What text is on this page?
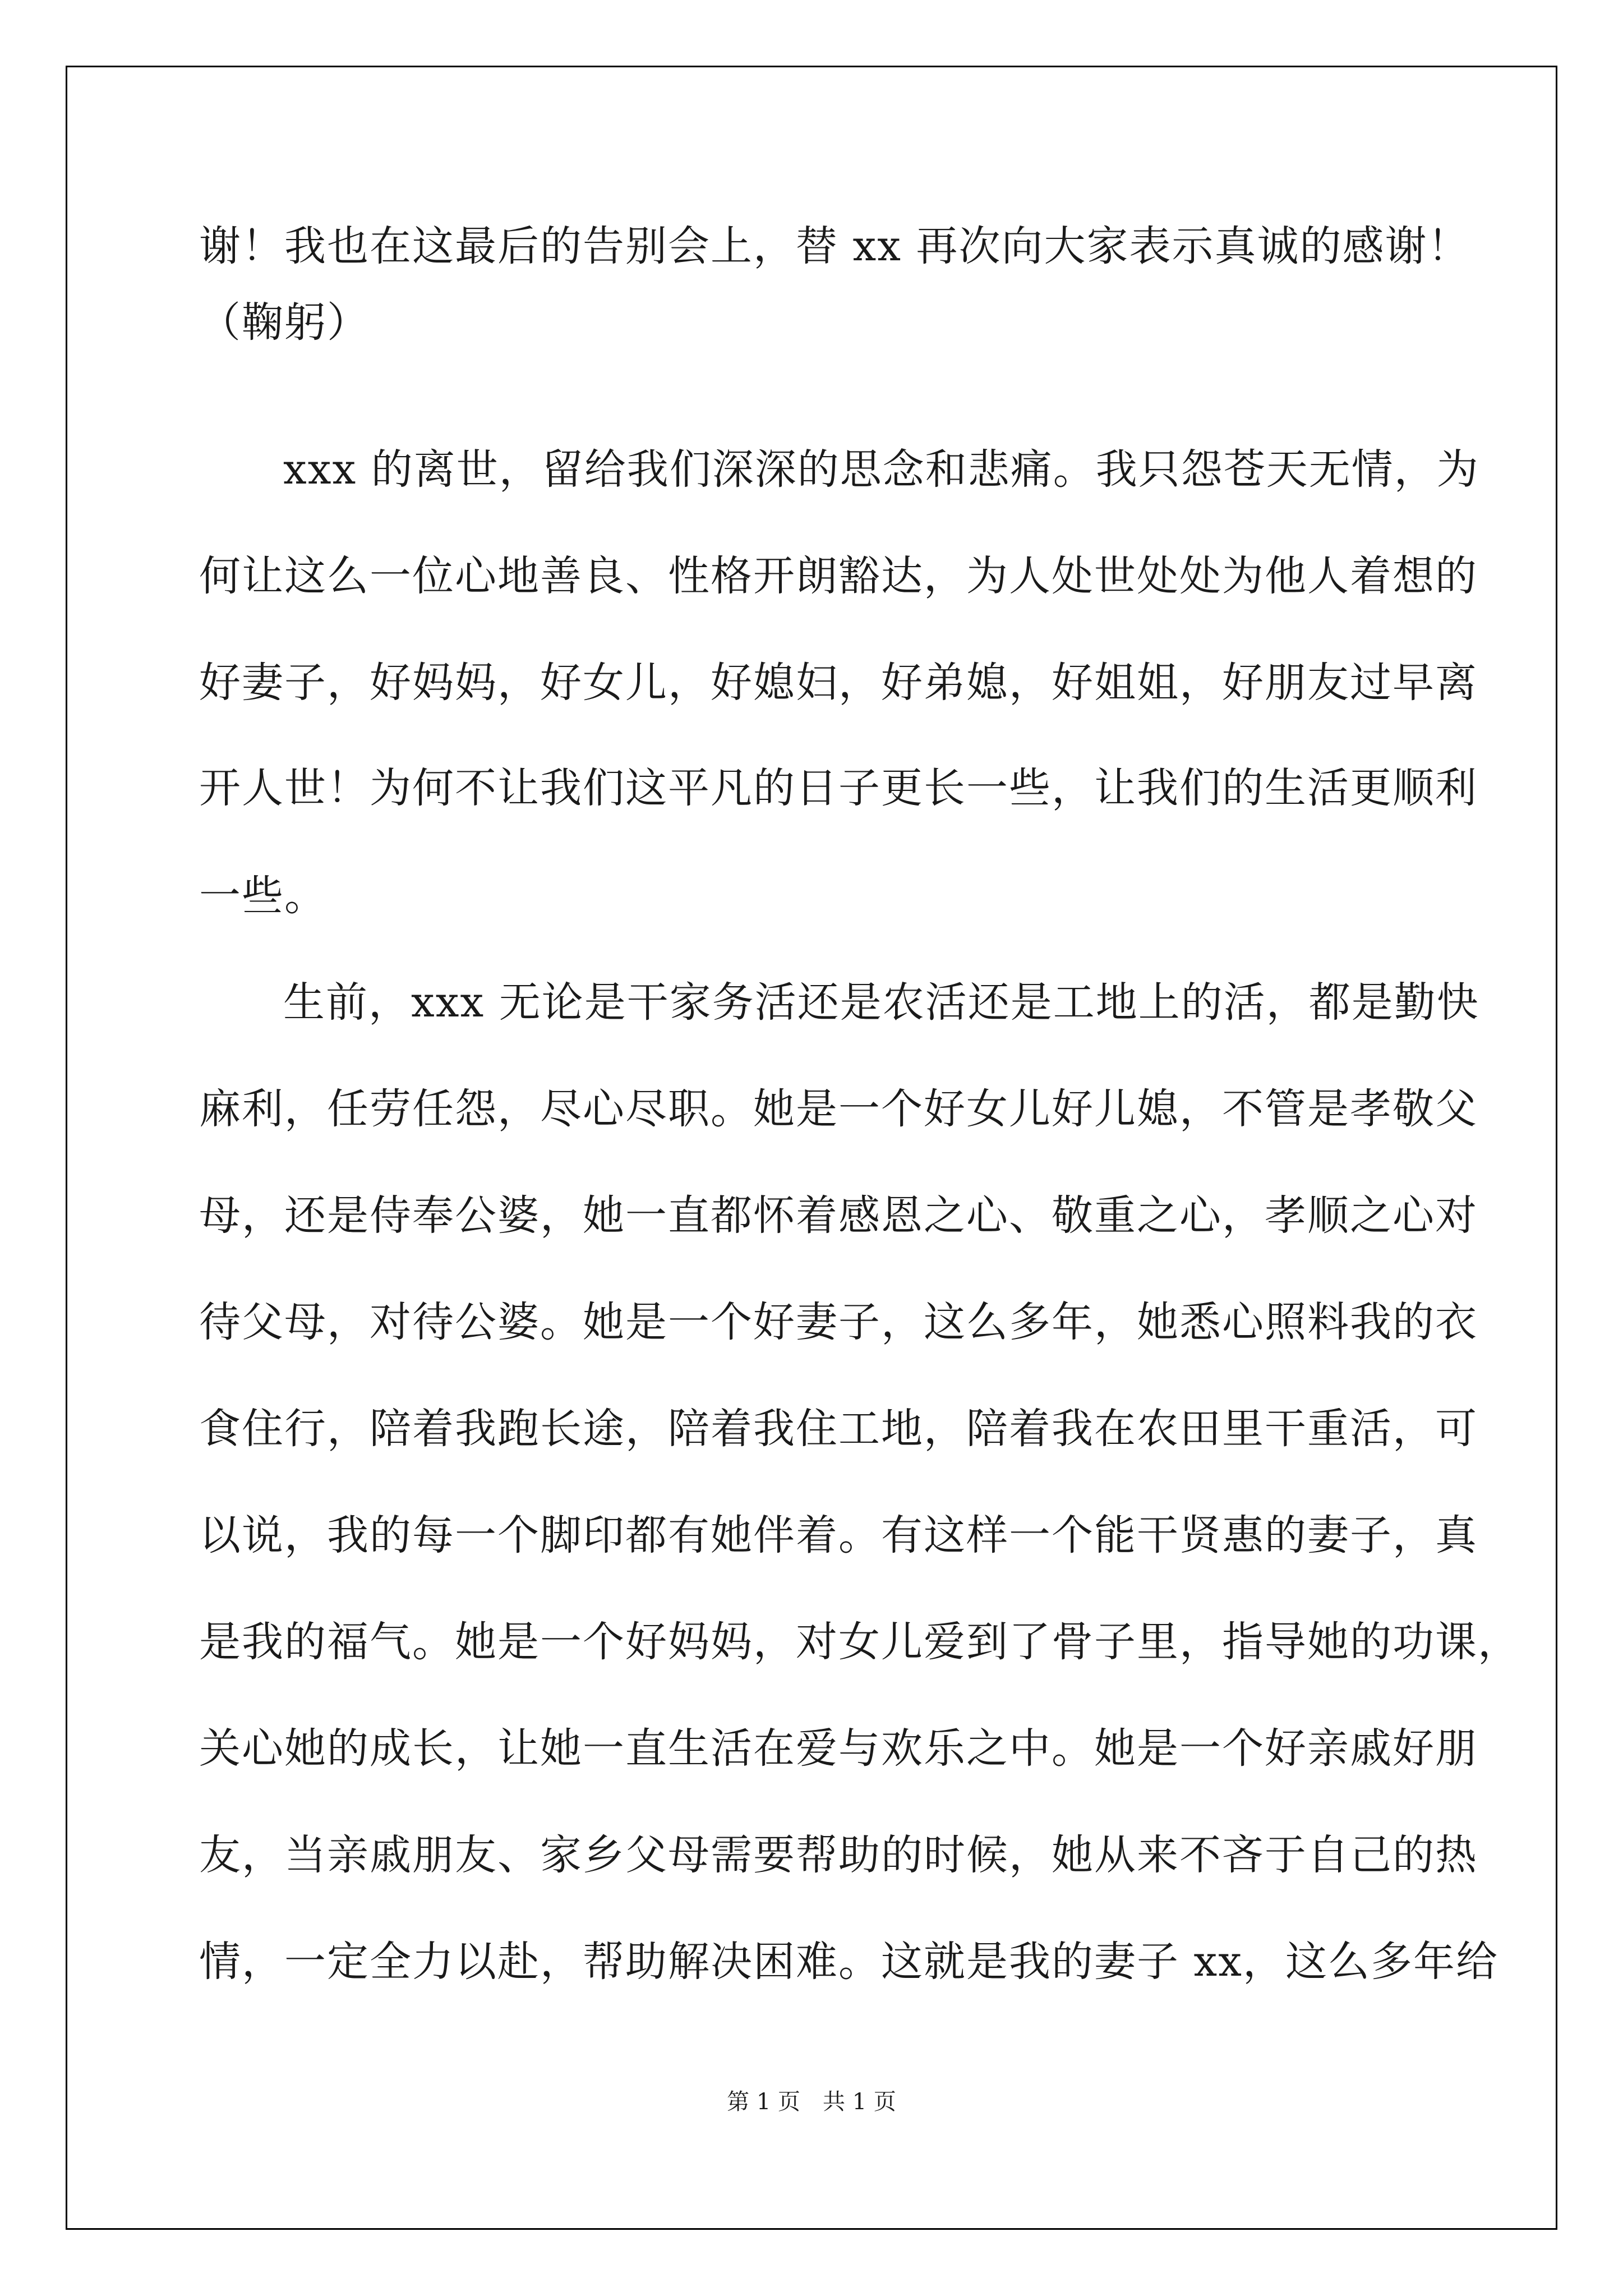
谢！我也在这最后的告别会上，替 xx 再次向大家表示真诚的感谢！
（鞠躬）
xxx 的离世，留给我们深深的思念和悲痛。我只怨苍天无情，为
何让这么一位心地善良、性格开朗豁达，为人处世处处为他人着想的
好妻子，好妈妈，好女儿，好媳妇，好弟媳，好姐姐，好朋友过早离
开人世！为何不让我们这平凡的日子更长一些，让我们的生活更顺利
一些。
生前，xxx 无论是干家务活还是农活还是工地上的活，都是勤快
麻利，任劳任怨，尽心尽职。她是一个好女儿好儿媳，不管是孝敬父
母，还是侍奉公婆，她一直都怀着感恩之心、敬重之心，孝顺之心对
待父母，对待公婆。她是一个好妻子，这么多年，她悉心照料我的衣
食住行，陪着我跑长途，陪着我住工地，陪着我在农田里干重活，可
以说，我的每一个脚印都有她伴着。有这样一个能干贤惠的妻子，真
是我的福气。她是一个好妈妈，对女儿爱到了骨子里，指导她的功课，
关心她的成长，让她一直生活在爱与欢乐之中。她是一个好亲戚好朋
友，当亲戚朋友、家乡父母需要帮助的时候，她从来不吝于自己的热
情，一定全力以赴，帮助解决困难。这就是我的妻子 xx，这么多年给
第 1 页　共 1 页
